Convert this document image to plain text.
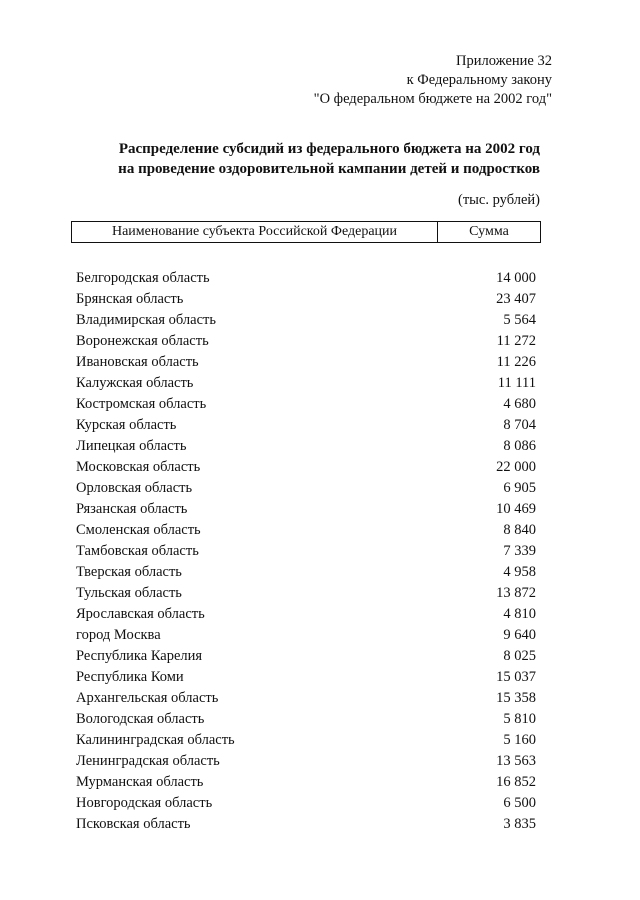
Приложение 32
к Федеральному закону
"О федеральном бюджете на 2002 год"
Распределение субсидий из федерального бюджета на 2002 год
на проведение оздоровительной кампании детей и подростков
(тыс. рублей)
Наименование субъекта Российской Федерации	Сумма
Белгородская область	14 000
Брянская область	23 407
Владимирская область	5 564
Воронежская область	11 272
Ивановская область	11 226
Калужская область	11 111
Костромская область	4 680
Курская область	8 704
Липецкая область	8 086
Московская область	22 000
Орловская область	6 905
Рязанская область	10 469
Смоленская область	8 840
Тамбовская область	7 339
Тверская область	4 958
Тульская область	13 872
Ярославская область	4 810
город Москва	9 640
Республика Карелия	8 025
Республика Коми	15 037
Архангельская область	15 358
Вологодская область	5 810
Калининградская область	5 160
Ленинградская область	13 563
Мурманская область	16 852
Новгородская область	6 500
Псковская область	3 835
